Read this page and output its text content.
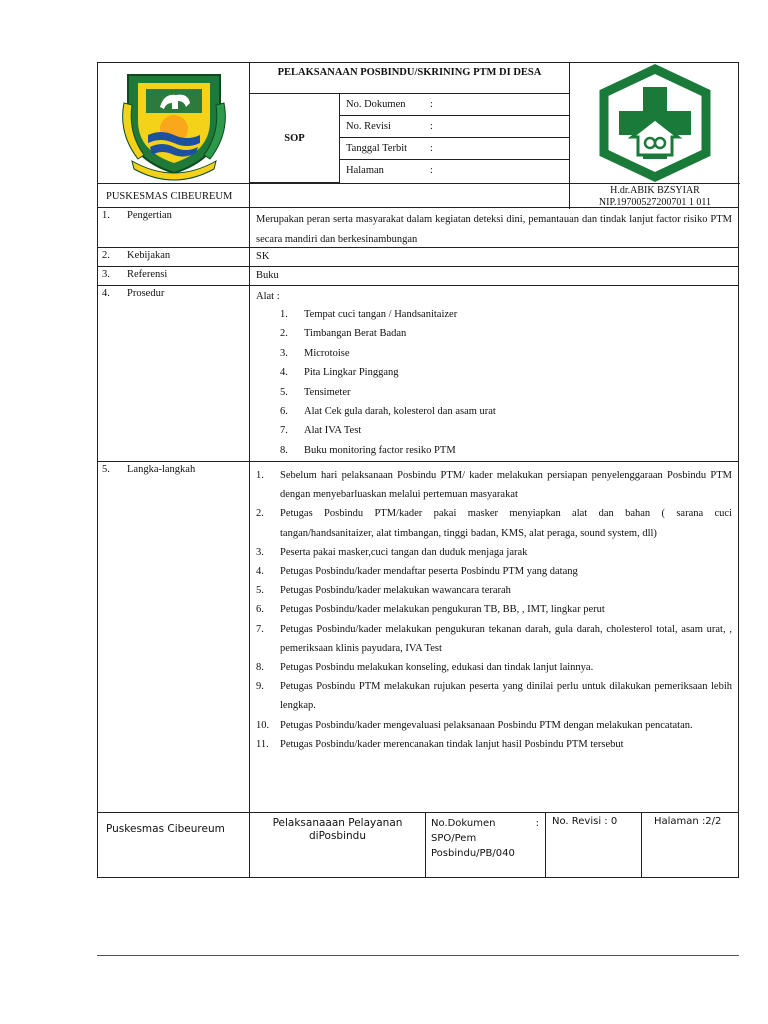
PELAKSANAAN POSBINDU/SKRINING PTM DI DESA
SOP
No. Dokumen :
No. Revisi	:
Tanggal Terbit :
Halaman	:
PUSKESMAS CIBEUREUM
H.dr.ABIK BZSYIAR
NIP.19700527200701 1 011
1.	Pengertian	Merupakan peran serta masyarakat dalam kegiatan deteksi dini, pemantauan dan tindak lanjut factor risiko PTM secara mandiri dan berkesinambungan
2.	Kebijakan	SK
3.	Referensi	Buku
4.	Prosedur	Alat :
1.	Tempat cuci tangan / Handsanitaizer
2.	Timbangan Berat Badan
3.	Microtoise
4.	Pita Lingkar Pinggang
5.	Tensimeter
6.	Alat Cek gula darah, kolesterol dan asam urat
7.	Alat IVA Test
8.	Buku monitoring factor resiko PTM
5.	Langka-langkah
1.	Sebelum hari pelaksanaan Posbindu PTM/ kader melakukan persiapan penyelenggaraan Posbindu PTM dengan menyebarluaskan melalui pertemuan masyarakat
2.	Petugas Posbindu PTM/kader pakai masker menyiapkan alat dan bahan ( sarana cuci tangan/handsanitaizer, alat timbangan, tinggi badan, KMS, alat peraga, sound system, dll)
3.	Peserta pakai masker,cuci tangan dan duduk menjaga jarak
4.	Petugas Posbindu/kader mendaftar peserta Posbindu PTM yang datang
5.	Petugas Posbindu/kader melakukan wawancara terarah
6.	Petugas Posbindu/kader melakukan pengukuran TB, BB, , IMT, lingkar perut
7.	Petugas Posbindu/kader melakukan pengukuran tekanan darah, gula darah, cholesterol total, asam urat, , pemeriksaan klinis payudara, IVA Test
8.	Petugas Posbindu melakukan konseling, edukasi dan tindak lanjut lainnya.
9.	Petugas Posbindu PTM melakukan rujukan peserta yang dinilai perlu untuk dilakukan pemeriksaan lebih lengkap.
10.	Petugas Posbindu/kader mengevaluasi pelaksanaan Posbindu PTM dengan melakukan pencatatan.
11.	Petugas Posbindu/kader merencanakan tindak lanjut hasil Posbindu PTM tersebut
Puskesmas Cibeureum	Pelaksanaaan Pelayanan diPosbindu
No.Dokumen	:
SPO/Pem Posbindu/PB/040
No. Revisi : 0	Halaman :2/2
